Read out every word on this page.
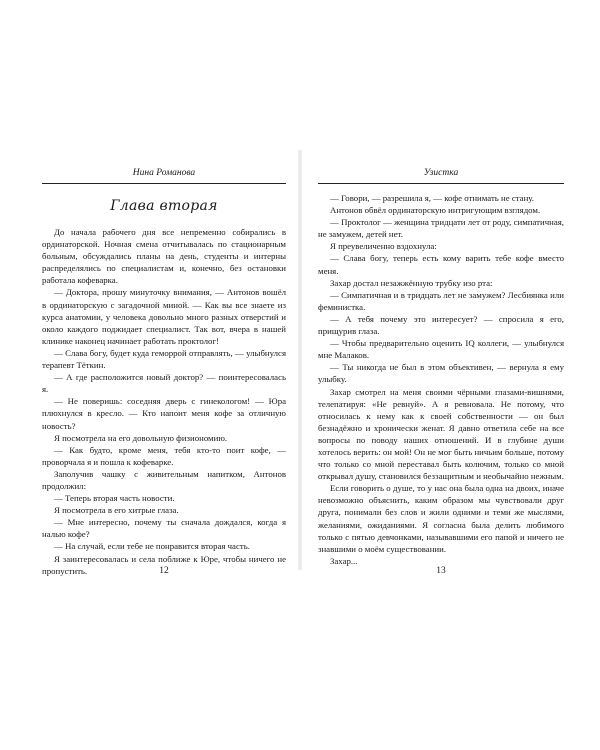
Нина Романова
Глава вторая

До начала рабочего дня все непременно собирались в ординаторской. Ночная смена отчитывалась по стационарным больным, обсуждались планы на день, студенты и интерны распределялись по специалистам и, конечно, без остановки работала кофеварка.

— Доктора, прошу минуточку внимания, — Антонов вошёл в ординаторскую с загадочной миной. — Как вы все знаете из курса анатомии, у человека довольно много разных отверстий и около каждого поджидает специалист. Так вот, вчера в нашей клинике наконец начинает работать проктолог!

— Слава богу, будет куда геморрой отправлять, — улыбнулся терапевт Тёткин.

— А где расположится новый доктор? — поинтересовалась я.

— Не поверишь: соседняя дверь с гинекологом! — Юра плюхнулся в кресло. — Кто напоит меня кофе за отличную новость?

Я посмотрела на его довольную физиономию.

— Как будто, кроме меня, тебя кто-то поит кофе, — проворчала я и пошла к кофеварке.

Заполучив чашку с живительным напитком, Антонов продолжил:

— Теперь вторая часть новости.

Я посмотрела в его хитрые глаза.

— Мне интересно, почему ты сначала дождался, когда я налью кофе?

— На случай, если тебе не понравится вторая часть.

Я заинтересовалась и села поближе к Юре, чтобы ничего не пропустить.

Узистка

— Говори, — разрешила я, — кофе отнимать не стану.

Антонов обвёл ординаторскую интригующим взглядом.

— Проктолог — женщина тридцати лет от роду, симпатичная, не замужем, детей нет.

Я преувеличенно вздохнула:

— Слава богу, теперь есть кому варить тебе кофе вместо меня.

Захар достал незажжённую трубку изо рта:

— Симпатичная и в тридцать лет не замужем? Лесбиянка или феминистка.

— А тебя почему это интересует? — спросила я его, прищурив глаза.

— Чтобы предварительно оценить IQ коллеги, — улыбнулся мне Малаков.

— Ты никогда не был в этом объективен, — вернула я ему улыбку.

Захар смотрел на меня своими чёрными глазами-вишнями, телепатируя: «Не ревнуй». А я ревновала. Не потому, что относилась к нему как к своей собственности — он был безнадёжно и хронически женат. Я давно ответила себе на все вопросы по поводу наших отношений. И в глубине души хотелось верить: он мой! Он не мог быть ничьим больше, потому что только со мной переставал быть колючим, только со мной открывал душу, становился беззащитным и необычайно нежным.

Если говорить о душе, то у нас она была одна на двоих, иначе невозможно объяснить, каким образом мы чувствовали друг друга, понимали без слов и жили одними и теми же мыслями, желаниями, ожиданиями. Я согласна была делить любимого только с пятью девчонками, называвшими его папой и ничего не знавшими о моём существовании.

Захар...

12	13
